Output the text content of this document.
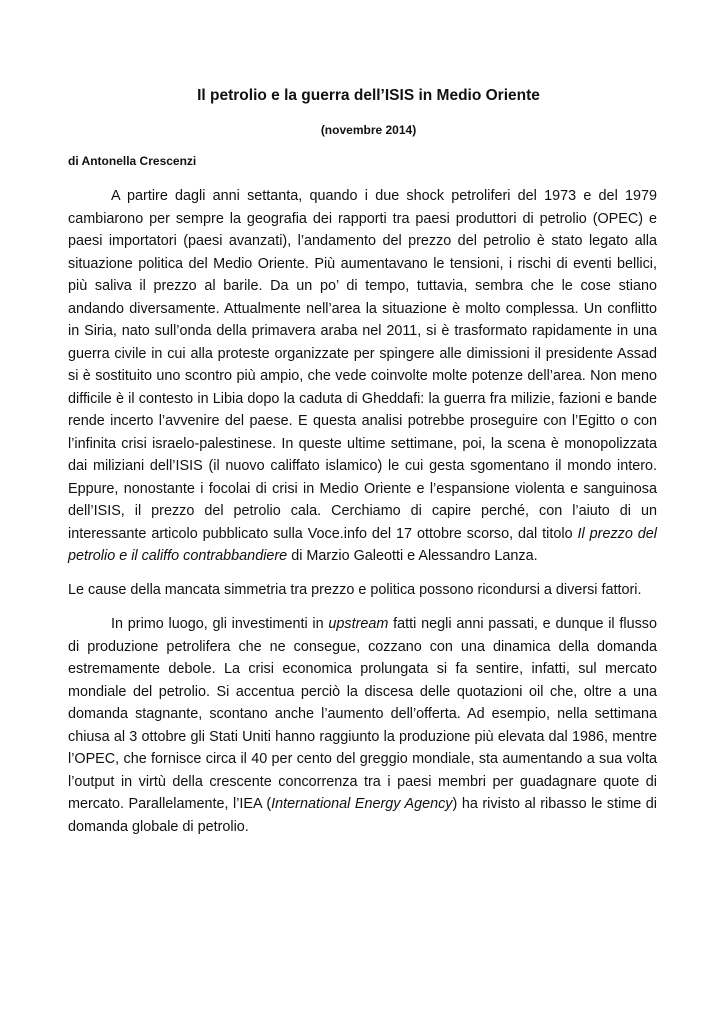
Il petrolio e la guerra dell’ISIS in Medio Oriente
(novembre 2014)
di Antonella Crescenzi

A partire dagli anni settanta, quando i due shock petroliferi del 1973 e del 1979 cambiarono per sempre la geografia dei rapporti tra paesi produttori di petrolio (OPEC) e paesi importatori (paesi avanzati), l’andamento del prezzo del petrolio è stato legato alla situazione politica del Medio Oriente. Più aumentavano le tensioni, i rischi di eventi bellici, più saliva il prezzo al barile. Da un po’ di tempo, tuttavia, sembra che le cose stiano andando diversamente. Attualmente nell’area la situazione è molto complessa. Un conflitto in Siria, nato sull’onda della primavera araba nel 2011, si è trasformato rapidamente in una guerra civile in cui alla proteste organizzate per spingere alle dimissioni il presidente Assad si è sostituito uno scontro più ampio, che vede coinvolte molte potenze dell’area. Non meno difficile è il contesto in Libia dopo la caduta di Gheddafi: la guerra fra milizie, fazioni e bande rende incerto l’avvenire del paese. E questa analisi potrebbe proseguire con l’Egitto o con l’infinita crisi israelo-palestinese. In queste ultime settimane, poi, la scena è monopolizzata dai miliziani dell’ISIS (il nuovo califfato islamico) le cui gesta sgomentano il mondo intero. Eppure, nonostante i focolai di crisi in Medio Oriente e l’espansione violenta e sanguinosa dell’ISIS, il prezzo del petrolio cala. Cerchiamo di capire perché, con l’aiuto di un interessante articolo pubblicato sulla Voce.info del 17 ottobre scorso, dal titolo Il prezzo del petrolio e il califfo contrabbandiere di Marzio Galeotti e Alessandro Lanza.

Le cause della mancata simmetria tra prezzo e politica possono ricondursi a diversi fattori.

In primo luogo, gli investimenti in upstream fatti negli anni passati, e dunque il flusso di produzione petrolifera che ne consegue, cozzano con una dinamica della domanda estremamente debole. La crisi economica prolungata si fa sentire, infatti, sul mercato mondiale del petrolio. Si accentua perciò la discesa delle quotazioni oil che, oltre a una domanda stagnante, scontano anche l’aumento dell’offerta. Ad esempio, nella settimana chiusa al 3 ottobre gli Stati Uniti hanno raggiunto la produzione più elevata dal 1986, mentre l’OPEC, che fornisce circa il 40 per cento del greggio mondiale, sta aumentando a sua volta l’output in virtù della crescente concorrenza tra i paesi membri per guadagnare quote di mercato. Parallelamente, l’IEA (International Energy Agency) ha rivisto al ribasso le stime di domanda globale di petrolio.
